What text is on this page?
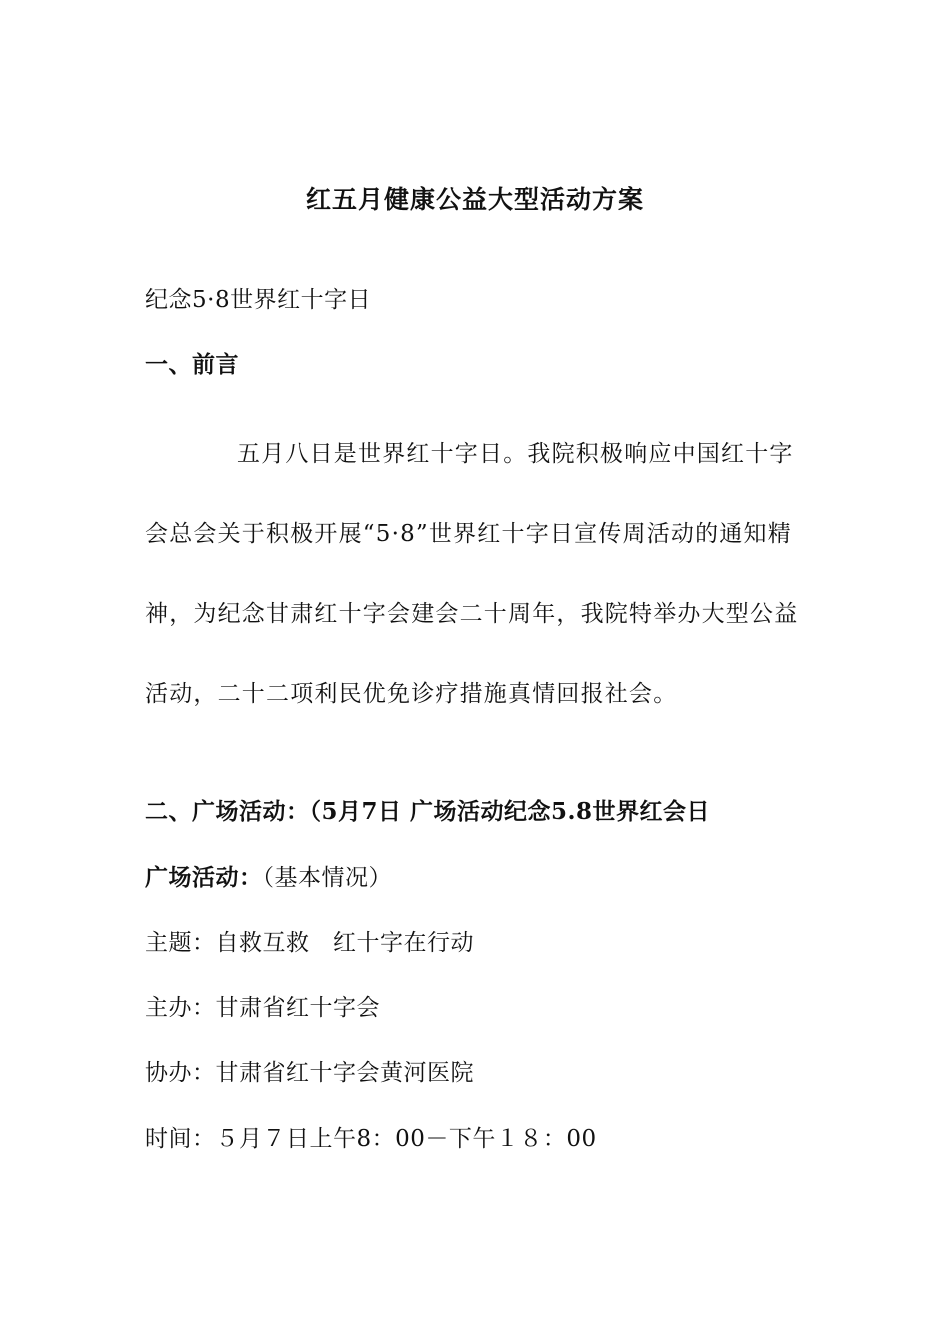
红五月健康公益大型活动方案
纪念5·8世界红十字日
一、前言

五月八日是世界红十字日。我院积极响应中国红十字会总会关于积极开展“5·8”世界红十字日宣传周活动的通知精神，为纪念甘肃红十字会建会二十周年，我院特举办大型公益活动，二十二项利民优免诊疗措施真情回报社会。

二、广场活动：（5月7日 广场活动纪念5.8世界红会日
广场活动：（基本情况）
主题：自救互救　红十字在行动
主办：甘肃省红十字会
协办：甘肃省红十字会黄河医院
时间：５月７日上午8：00－下午１８：00
